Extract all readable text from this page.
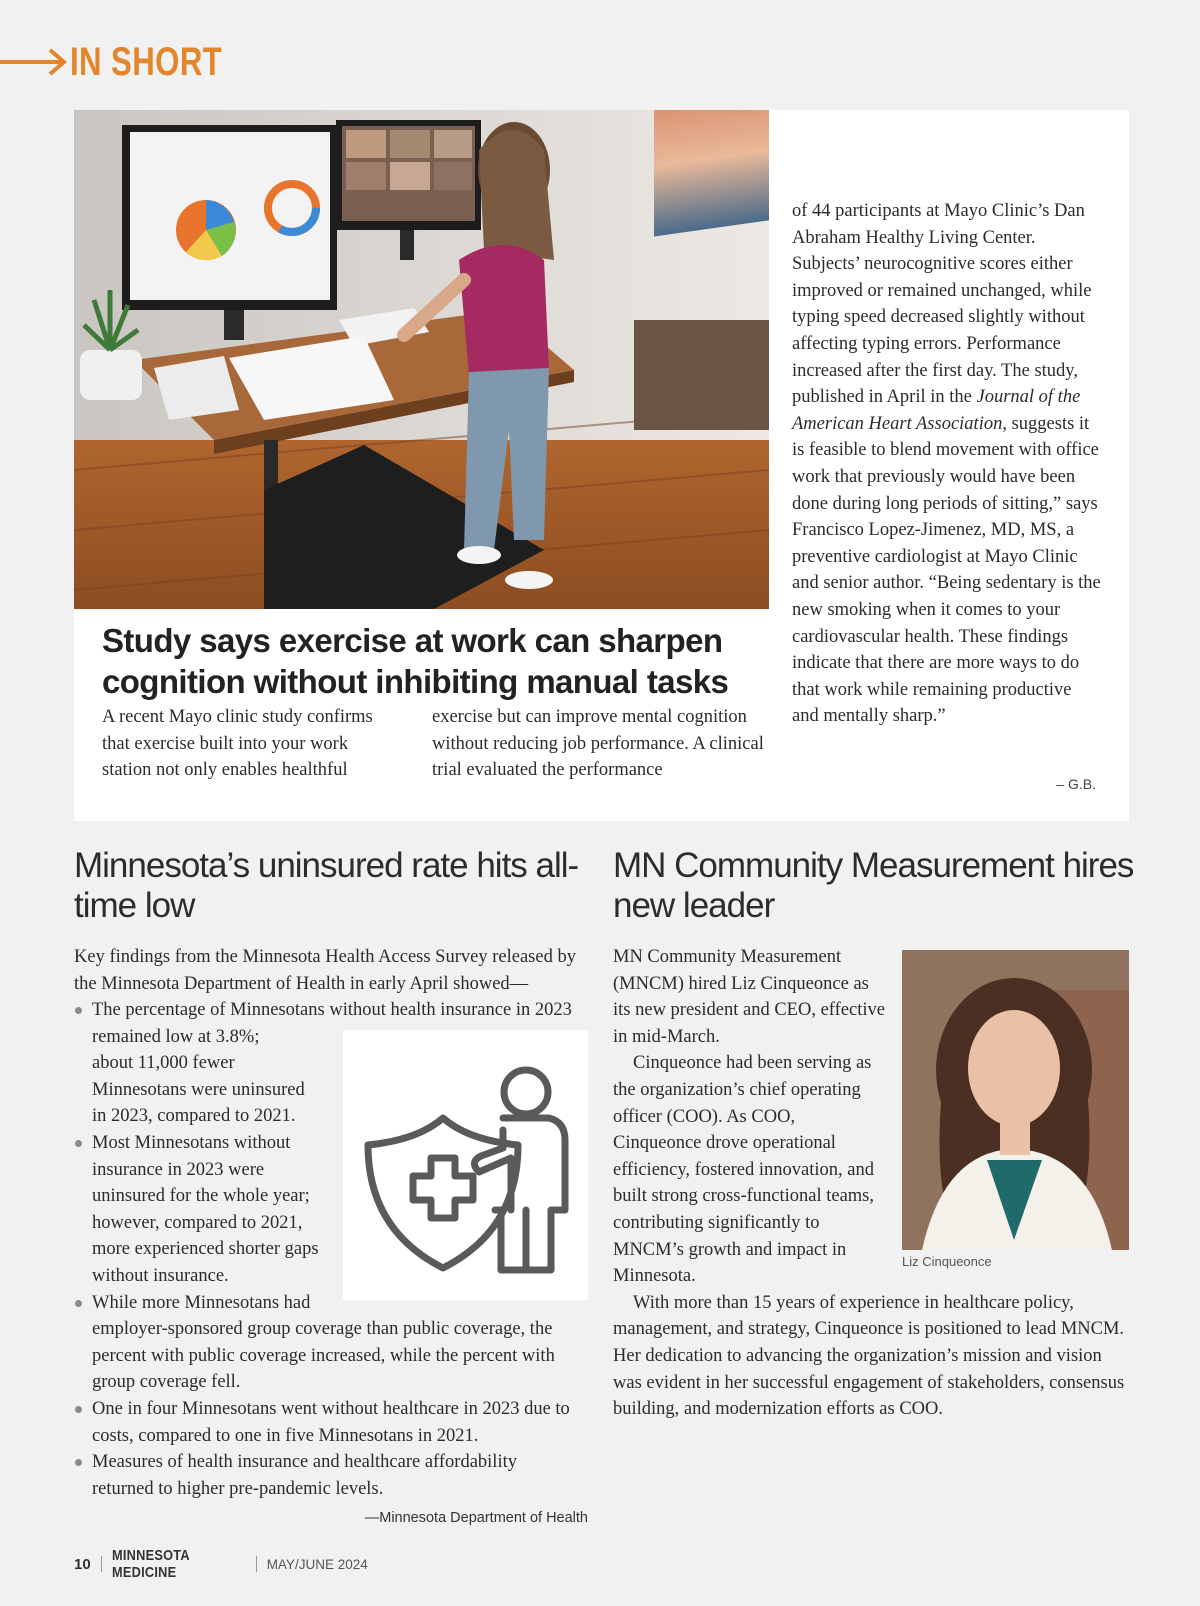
IN SHORT
Study says exercise at work can sharpen cognition without inhibiting manual tasks
A recent Mayo clinic study confirms that exercise built into your work station not only enables healthful
exercise but can improve mental cognition without reducing job performance. A clinical trial evaluated the performance
of 44 participants at Mayo Clinic’s Dan Abraham Healthy Living Center. Subjects’ neurocognitive scores either improved or remained unchanged, while typing speed decreased slightly without affecting typing errors. Performance increased after the first day. The study, published in April in the Journal of the American Heart Association, suggests it is feasible to blend movement with office work that previously would have been done during long periods of sitting,” says Francisco Lopez-Jimenez, MD, MS, a preventive cardiologist at Mayo Clinic and senior author. “Being sedentary is the new smoking when it comes to your cardiovascular health. These findings indicate that there are more ways to do that work while remaining productive and mentally sharp.”
– G.B.
Minnesota’s uninsured rate hits all-time low

Key findings from the Minnesota Health Access Survey released by the Minnesota Department of Health in early April showed—

The percentage of Minnesotans without health insurance in 2023 remained low at 3.8%;

about 11,000 fewer Minnesotans were uninsured in 2023, compared to 2021.
Most Minnesotans without insurance in 2023 were uninsured for the whole year; however, compared to 2021, more experienced shorter gaps without insurance.
While more Minnesotans had
employer-sponsored group coverage than public coverage, the percent with public coverage increased, while the percent with group coverage fell.
One in four Minnesotans went without healthcare in 2023 due to costs, compared to one in five Minnesotans in 2021.
Measures of health insurance and healthcare affordability returned to higher pre-pandemic levels.
—Minnesota Department of Health
MN Community Measurement hires new leader

MN Community Measurement (MNCM) hired Liz Cinqueonce as its new president and CEO, effective in mid-March.

Cinqueonce had been serving as the organization’s chief operating officer (COO). As COO, Cinqueonce drove operational efficiency, fostered innovation, and built strong cross-functional teams, contributing significantly to MNCM’s growth and impact in Minnesota.

With more than 15 years of experience in healthcare policy, management, and strategy, Cinqueonce is positioned to lead MNCM. Her dedication to advancing the organization’s mission and vision was evident in her successful engagement of stakeholders, consensus building, and modernization efforts as COO.

Liz Cinqueonce
10 MINNESOTA MEDICINE	MAY/JUNE 2024
